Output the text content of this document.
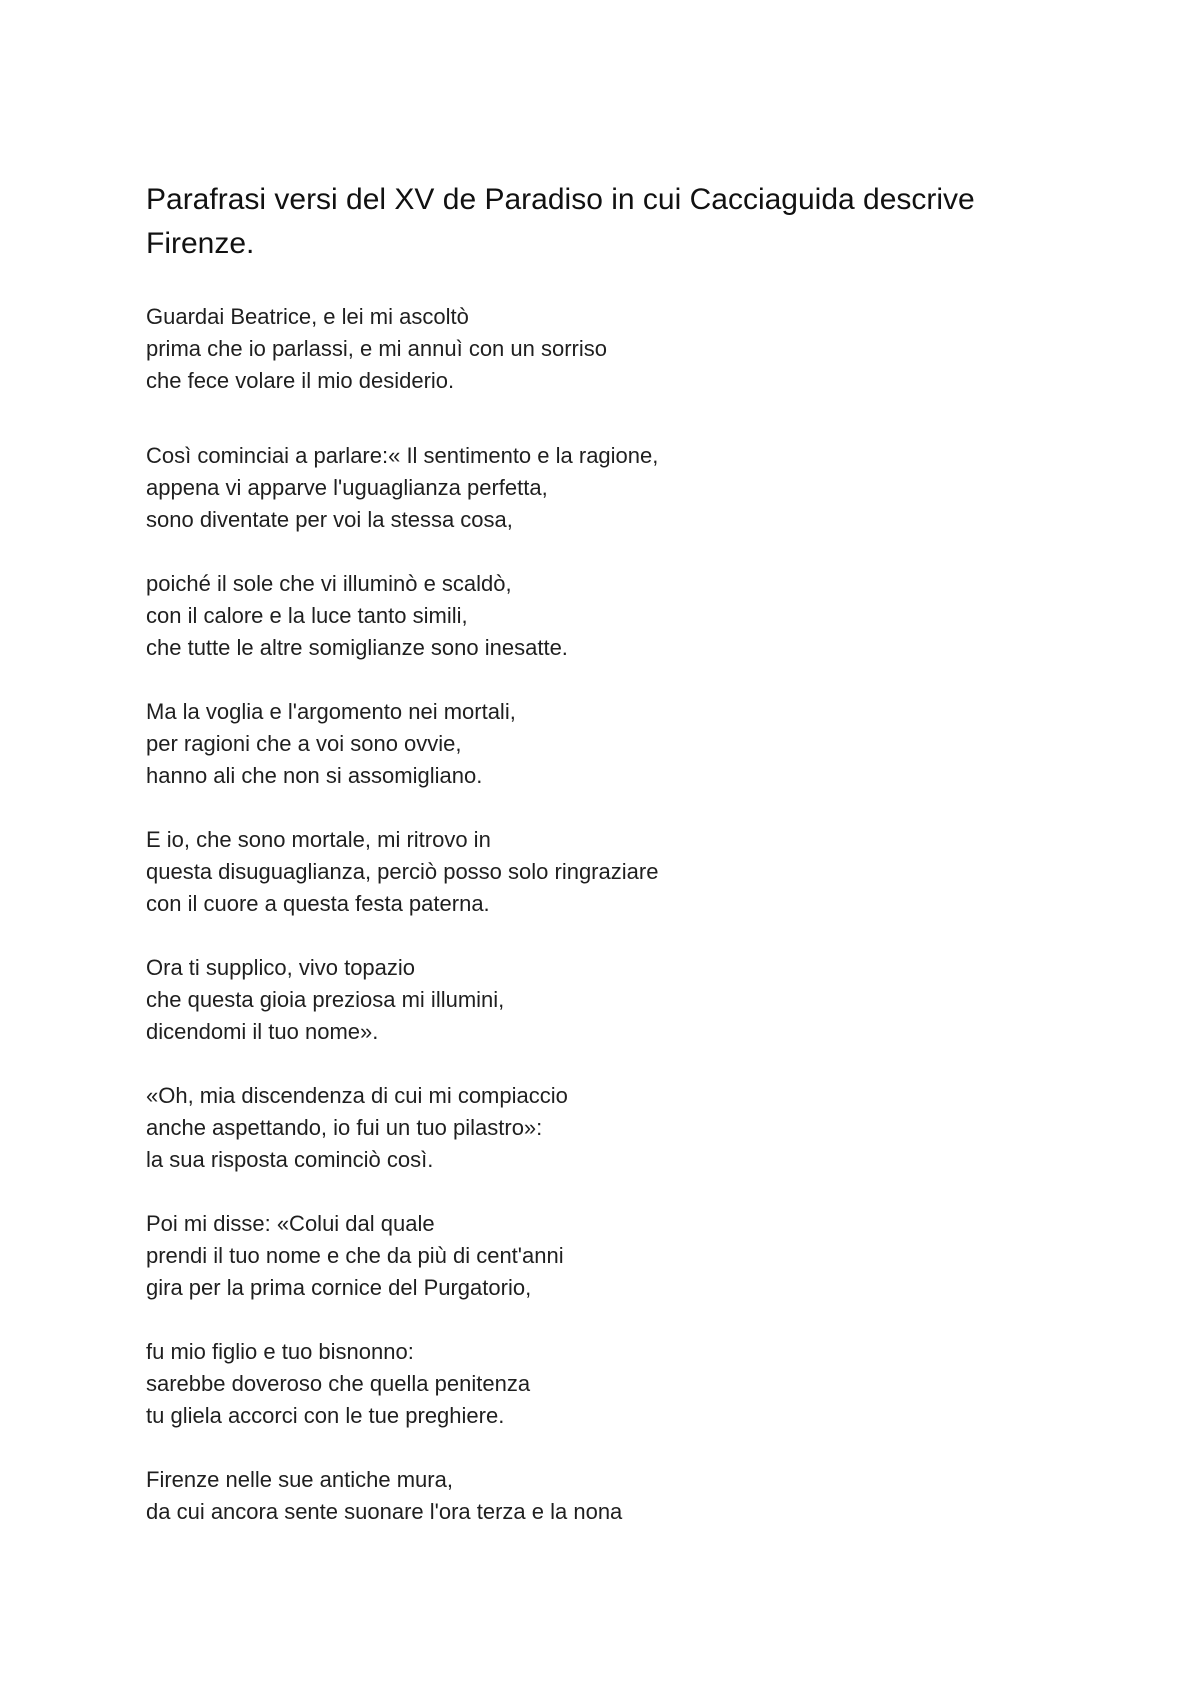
Parafrasi versi del XV de Paradiso in cui Cacciaguida descrive Firenze.

Guardai Beatrice, e lei mi ascoltò
prima che io parlassi, e mi annuì con un sorriso
che fece volare il mio desiderio.

Così cominciai a parlare:« Il sentimento e la ragione,
appena vi apparve l'uguaglianza perfetta,
sono diventate per voi la stessa cosa,

poiché il sole che vi illuminò e scaldò,
con il calore e la luce tanto simili,
che tutte le altre somiglianze sono inesatte.

Ma la voglia e l'argomento nei mortali,
per ragioni che a voi sono ovvie,
hanno ali che non si assomigliano.

E io, che sono mortale, mi ritrovo in
questa disuguaglianza, perciò posso solo ringraziare
con il cuore a questa festa paterna.

Ora ti supplico, vivo topazio
che questa gioia preziosa mi illumini,
dicendomi il tuo nome».

«Oh, mia discendenza di cui mi compiaccio
anche aspettando, io fui un tuo pilastro»:
la sua risposta cominciò così.

Poi mi disse: «Colui dal quale
prendi il tuo nome e che da più di cent'anni
gira per la prima cornice del Purgatorio,

fu mio figlio e tuo bisnonno:
sarebbe doveroso che quella penitenza
tu gliela accorci con le tue preghiere.

Firenze nelle sue antiche mura,
da cui ancora sente suonare l'ora terza e la nona
